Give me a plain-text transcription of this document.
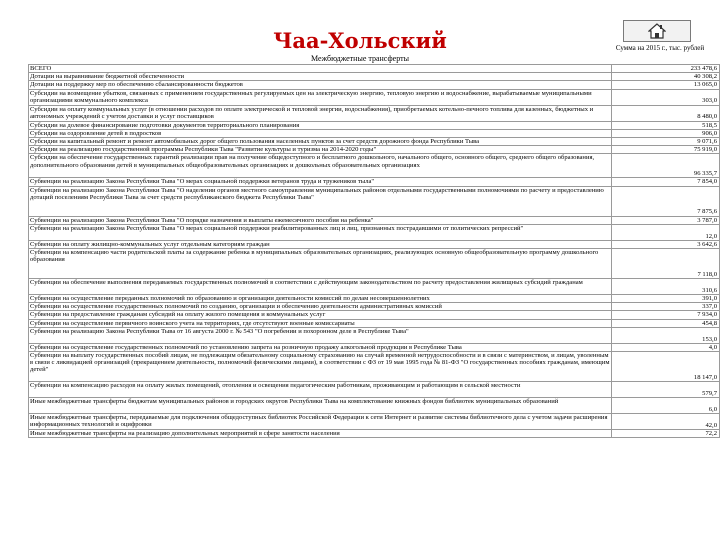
Чаа-Хольский
Межбюджетные трансферты
Сумма на 2015 г., тыс. рублей
ВСЕГО	233 478,6
Дотации на выравнивание бюджетной обеспеченности	40 308,2
Дотации на поддержку мер по обеспечению сбалансированности бюджетов	13 065,0
Субсидии на возмещение убытков, связанных с применением государственных регулируемых цен на электрическую энергию, тепловую энергию и водоснабжение, вырабатываемые муниципальными организациями коммунального комплекса	303,0
Субсидии на оплату коммунальных услуг (в отношении расходов по оплате электрической и тепловой энергии, водоснабжения), приобретаемых котельно-печного топлива для казенных, бюджетных и автономных учреждений с учетом доставки и услуг поставщиков	8 480,0
Субсидии на долевое финансирование подготовки документов территориального планирования	518,5
Субсидии на оздоровление детей в подростков	906,0
Субсидии на капитальный ремонт и ремонт автомобильных дорог общего пользования населенных пунктов за счет средств дорожного фонда Республики Тыва	9 071,6
Субсидии на реализацию государственной программы Республики Тыва "Развитие культуры и туризма на 2014-2020 годы"	75 919,0
Субсидии на обеспечение государственных гарантий реализации прав на получение общедоступного и бесплатного дошкольного, начального общего, основного общего, среднего общего образования, дополнительного образования детей в муниципальных общеобразовательных организациях и дошкольных образовательных организациях	96 335,7
Субвенции на реализацию Закона Республики Тыва "О мерах социальной поддержки ветеранов труда и тружеников тыла"	7 854,0
Субвенции на реализацию Закона Республики Тыва "О наделении органов местного самоуправления муниципальных районов отдельными государственными полномочиями по расчету и предоставлению дотаций поселениям Республики Тыва за счет средств республиканского бюджета Республики Тыва"	7 875,6
Субвенции на реализацию Закона Республики Тыва "О порядке назначения и выплаты ежемесячного пособия на ребенка"	3 787,0
Субвенции на реализацию Закона Республики Тыва "О мерах социальной поддержки реабилитированных лиц и лиц, признанных пострадавшими от политических репрессий"	12,0
Субвенции на оплату жилищно-коммунальных услуг отдельным категориям граждан	3 642,6
Субвенции на компенсацию части родительской платы за содержание ребенка в муниципальных образовательных организациях, реализующих основную общеобразовательную программу дошкольного образования	7 118,0
Субвенции на обеспечение выполнения передаваемых государственных полномочий в соответствии с действующим законодательством по расчету предоставления жилищных субсидий гражданам	310,6
Субвенции на осуществление переданных полномочий по образованию и организации деятельности комиссий по делам несовершеннолетних	391,0
Субвенции на осуществление государственных полномочий по созданию, организации и обеспечению деятельности административных комиссий	337,0
Субвенции на предоставление гражданам субсидий на оплату жилого помещения и коммунальных услуг	7 934,0
Субвенции на осуществление первичного воинского учета на территориях, где отсутствуют военные комиссариаты	454,8
Субвенции на реализацию Закона Республики Тыва от 16 августа 2000 г. № 543 "О погребении и похоронном деле в Республике Тыва"	153,0
Субвенции на осуществление государственных полномочий по установлению запрета на розничную продажу алкогольной продукции в Республике Тыва	4,0
Субвенции на выплату государственных пособий лицам, не подлежащим обязательному социальному страхованию на случай временной нетрудоспособности и в связи с материнством, и лицам, уволенным в связи с ликвидацией организаций (прекращением деятельности, полномочий физическими лицами), в соответствии с ФЗ от 19 мая 1995 года № 81-ФЗ "О государственных пособиях гражданам, имеющим детей"	18 147,0
Субвенции на компенсацию расходов на оплату жилых помещений, отопления и освещения педагогическим работникам, проживающим и работающим в сельской местности	579,7
Иные межбюджетные трансферты бюджетам муниципальных районов и городских округов Республики Тыва на комплектование книжных фондов библиотек муниципальных образований	6,0
Иные межбюджетные трансферты, передаваемые для подключения общедоступных библиотек Российской Федерации к сети Интернет и развитие системы библиотечного дела с учетом задачи расширения информационных технологий и оцифровки	42,0
Иные межбюджетные трансферты на реализацию дополнительных мероприятий в сфере занятости населения	72,2
